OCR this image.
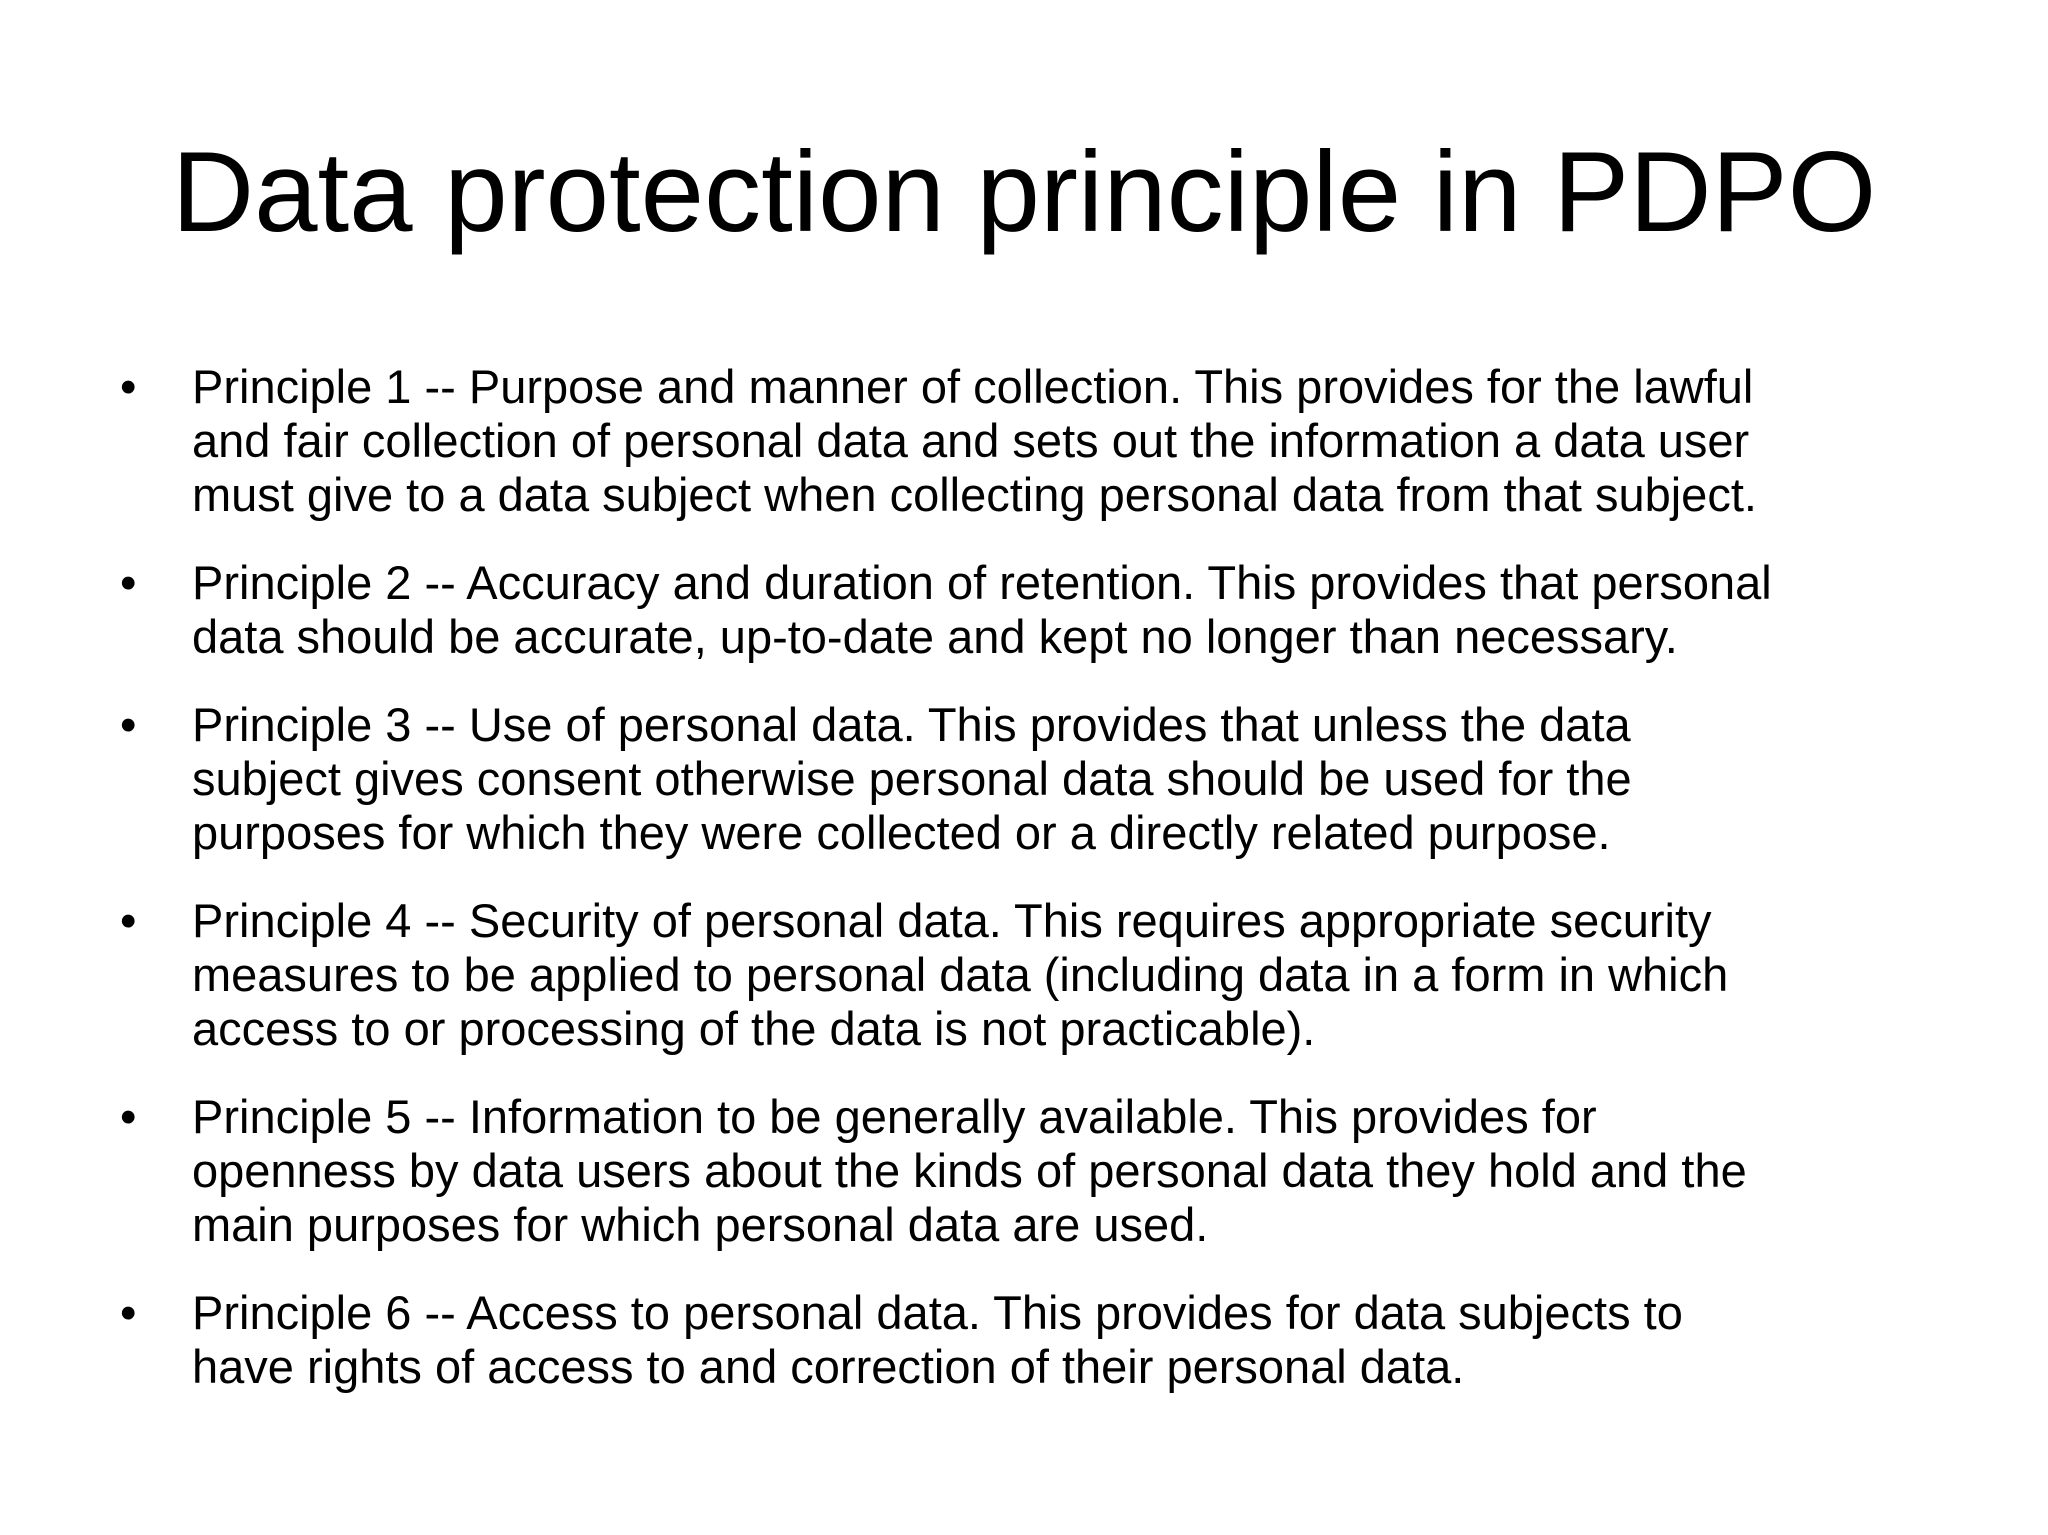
Data protection principle in PDPO
•	Principle 1 -- Purpose and manner of collection. This provides for the lawful
and fair collection of personal data and sets out the information a data user
must give to a data subject when collecting personal data from that subject.
•	Principle 2 -- Accuracy and duration of retention. This provides that personal
data should be accurate, up-to-date and kept no longer than necessary.
•	Principle 3 -- Use of personal data. This provides that unless the data
subject gives consent otherwise personal data should be used for the
purposes for which they were collected or a directly related purpose.
•	Principle 4 -- Security of personal data. This requires appropriate security
measures to be applied to personal data (including data in a form in which
access to or processing of the data is not practicable).
•	Principle 5 -- Information to be generally available. This provides for
openness by data users about the kinds of personal data they hold and the
main purposes for which personal data are used.
•	Principle 6 -- Access to personal data. This provides for data subjects to
have rights of access to and correction of their personal data.
